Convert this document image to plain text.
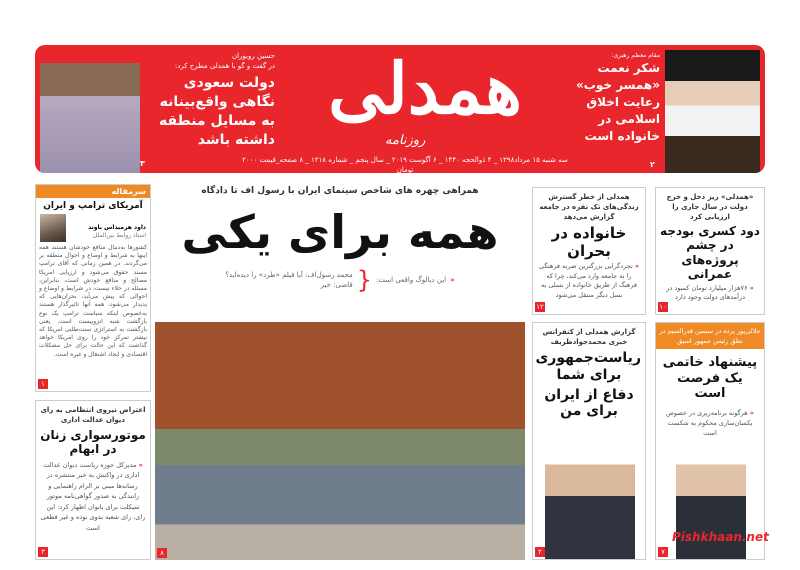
حسین رویوران
در گفت و گو با همدلی مطرح کرد:
دولت سعودی نگاهی واقع‌بینانه به مسایل منطقه داشته باشد
۳
همدلی
روزنامه
سه شنبه ۱۵ مرداد۱۳۹۸ _ ۴ ذوالحجه ۱۴۴۰ _ ۶ آگوست ۲۰۱۹ _ سال پنجم _ شماره ۱۲۱۸ _ ۸ صفحه_قیمت ۲۰۰۰ تومان
مقام معظم رهبری:
شکر نعمت «همسر خوب» رعایت اخلاق اسلامی در خانواده است
۲
سرمقاله
آمریکای ترامپ و ایران
داود هرمیداس باوند
استاد روابط بین‌الملل
کشورها به‌دنبال منافع خودشان هستند همه اینها به شرایط و اوضاع و احوال منطقه بر می‌گردند. در همین زمانی که آقای ترامپ مسند حقوق می‌شود و ارزیابی امریکا مصالح و منافع خودش است، بنابراین، مسئله در خلاء نیست، در شرایط و اوضاع و احوالی که پیش می‌آید، بحران‌هایی که پدیدار می‌شود، همه آنها تاثیرگذار هستند به‌خصوص اینکه سیاست ترامپ یک نوع بازگشت شبه انزوییست است. یعنی بازگشت به استراتژی سنت‌طلبی امریکا که بیشتر تمرکز خود را روی امریکا خواهد گذاشت که این حالت برای حل مشکلات اقتصادی و ایجاد اشتغال و غیره است.
۱
اعتراض نیروی انتظامی به رای دیوان عدالت اداری
موتورسواری زنان در ابهام
« مدیرکل حوزه ریاست دیوان عدالت اداری در واکنش به خبر منتشره در رسانه‌ها مبنی بر الزام راهنمایی و رانندگی به صدور گواهی‌نامه موتور سیکلت برای بانوان اظهار کرد: این رای، رای شعبه بدوی بوده و غیر قطعی است
۳
همراهی چهره های شاخص سینمای ایران با رسول اف تا دادگاه
همه برای یکی
«
این دیالوگ واقعی است:
{
محمد رسول‌اف: آیا فیلم «طرد» را دیده‌اید؟
قاضی: خیر
۸
همدلی از خطر گسترش زندگی‌های تک نفره در جامعه گزارش می‌دهد
خانواده در بحران
« تجردگرایی بزرگترین ضربه فرهنگی را به جامعه وارد می‌کند، چرا که فرهنگ از طریق خانواده از نسلی به نسل دیگر منتقل می‌شود
۱۲
گزارش همدلی از کنفرانس خبری محمدجوادظریف
ریاست‌جمهوری برای شما
دفاع از ایران برای من
۲
«همدلی» ریز دخل و خرج دولت در سال جاری را ارزیابی کرد
دود کسری بودجه در چشم پروژه‌های عمرانی
« ۷۶هزار میلیارد تومان کمبود در درآمدهای دولت وجود دارد
۱۰
جلالی‌پور پرده در سیمین قدرالسیم در نطق رئیس جمهور اسبق
پیشنهاد خاتمی یک فرصت است
« هرگونه برنامه‌ریزی در خصوص یکسان‌سازی محکوم به شکست است
۷
Pishkhaan.net
